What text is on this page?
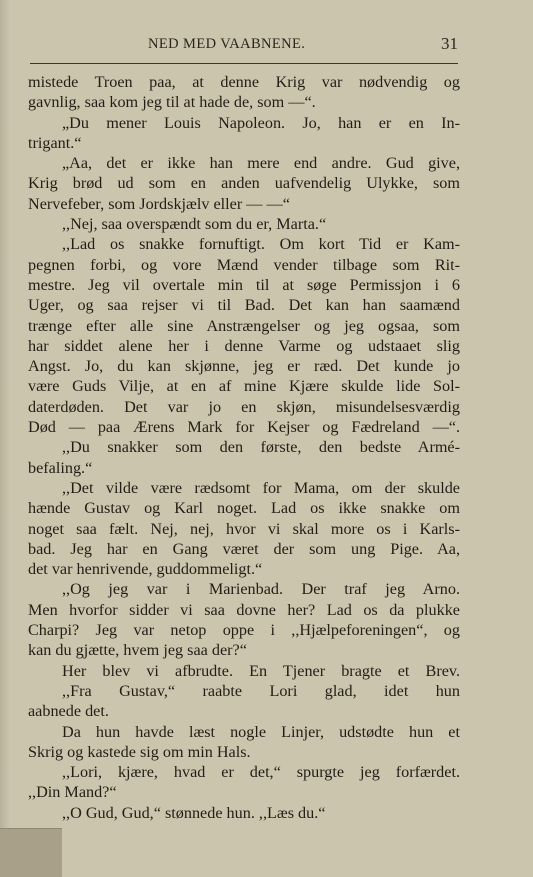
NED MED VAABNENE.	31
mistede Troen paa, at denne Krig var nødvendig og
gavnlig, saa kom jeg til at hade de, som —“.
„Du mener Louis Napoleon. Jo, han er en In-
trigant.“
„Aa, det er ikke han mere end andre. Gud give,
Krig brød ud som en anden uafvendelig Ulykke, som
Nervefeber, som Jordskjælv eller — —“
,,Nej, saa overspændt som du er, Marta.“
,,Lad os snakke fornuftigt. Om kort Tid er Kam-
pegnen forbi, og vore Mænd vender tilbage som Rit-
mestre. Jeg vil overtale min til at søge Permissjon i 6
Uger, og saa rejser vi til Bad. Det kan han saamænd
trænge efter alle sine Anstrængelser og jeg ogsaa, som
har siddet alene her i denne Varme og udstaaet slig
Angst. Jo, du kan skjønne, jeg er ræd. Det kunde jo
være Guds Vilje, at en af mine Kjære skulde lide Sol-
daterdøden. Det var jo en skjøn, misundelsesværdig
Død — paa Ærens Mark for Kejser og Fædreland —“.
,,Du snakker som den første, den bedste Armé-
befaling.“
,,Det vilde være rædsomt for Mama, om der skulde
hænde Gustav og Karl noget. Lad os ikke snakke om
noget saa fælt. Nej, nej, hvor vi skal more os i Karls-
bad. Jeg har en Gang været der som ung Pige. Aa,
det var henrivende, guddommeligt.“
,,Og jeg var i Marienbad. Der traf jeg Arno.
Men hvorfor sidder vi saa dovne her? Lad os da plukke
Charpi? Jeg var netop oppe i ,,Hjælpeforeningen“, og
kan du gjætte, hvem jeg saa der?“
Her blev vi afbrudte. En Tjener bragte et Brev.
,,Fra Gustav,“ raabte Lori glad, idet hun
aabnede det.
Da hun havde læst nogle Linjer, udstødte hun et
Skrig og kastede sig om min Hals.
,,Lori, kjære, hvad er det,“ spurgte jeg forfærdet.
,,Din Mand?“
,,O Gud, Gud,“ stønnede hun. ,,Læs du.“
